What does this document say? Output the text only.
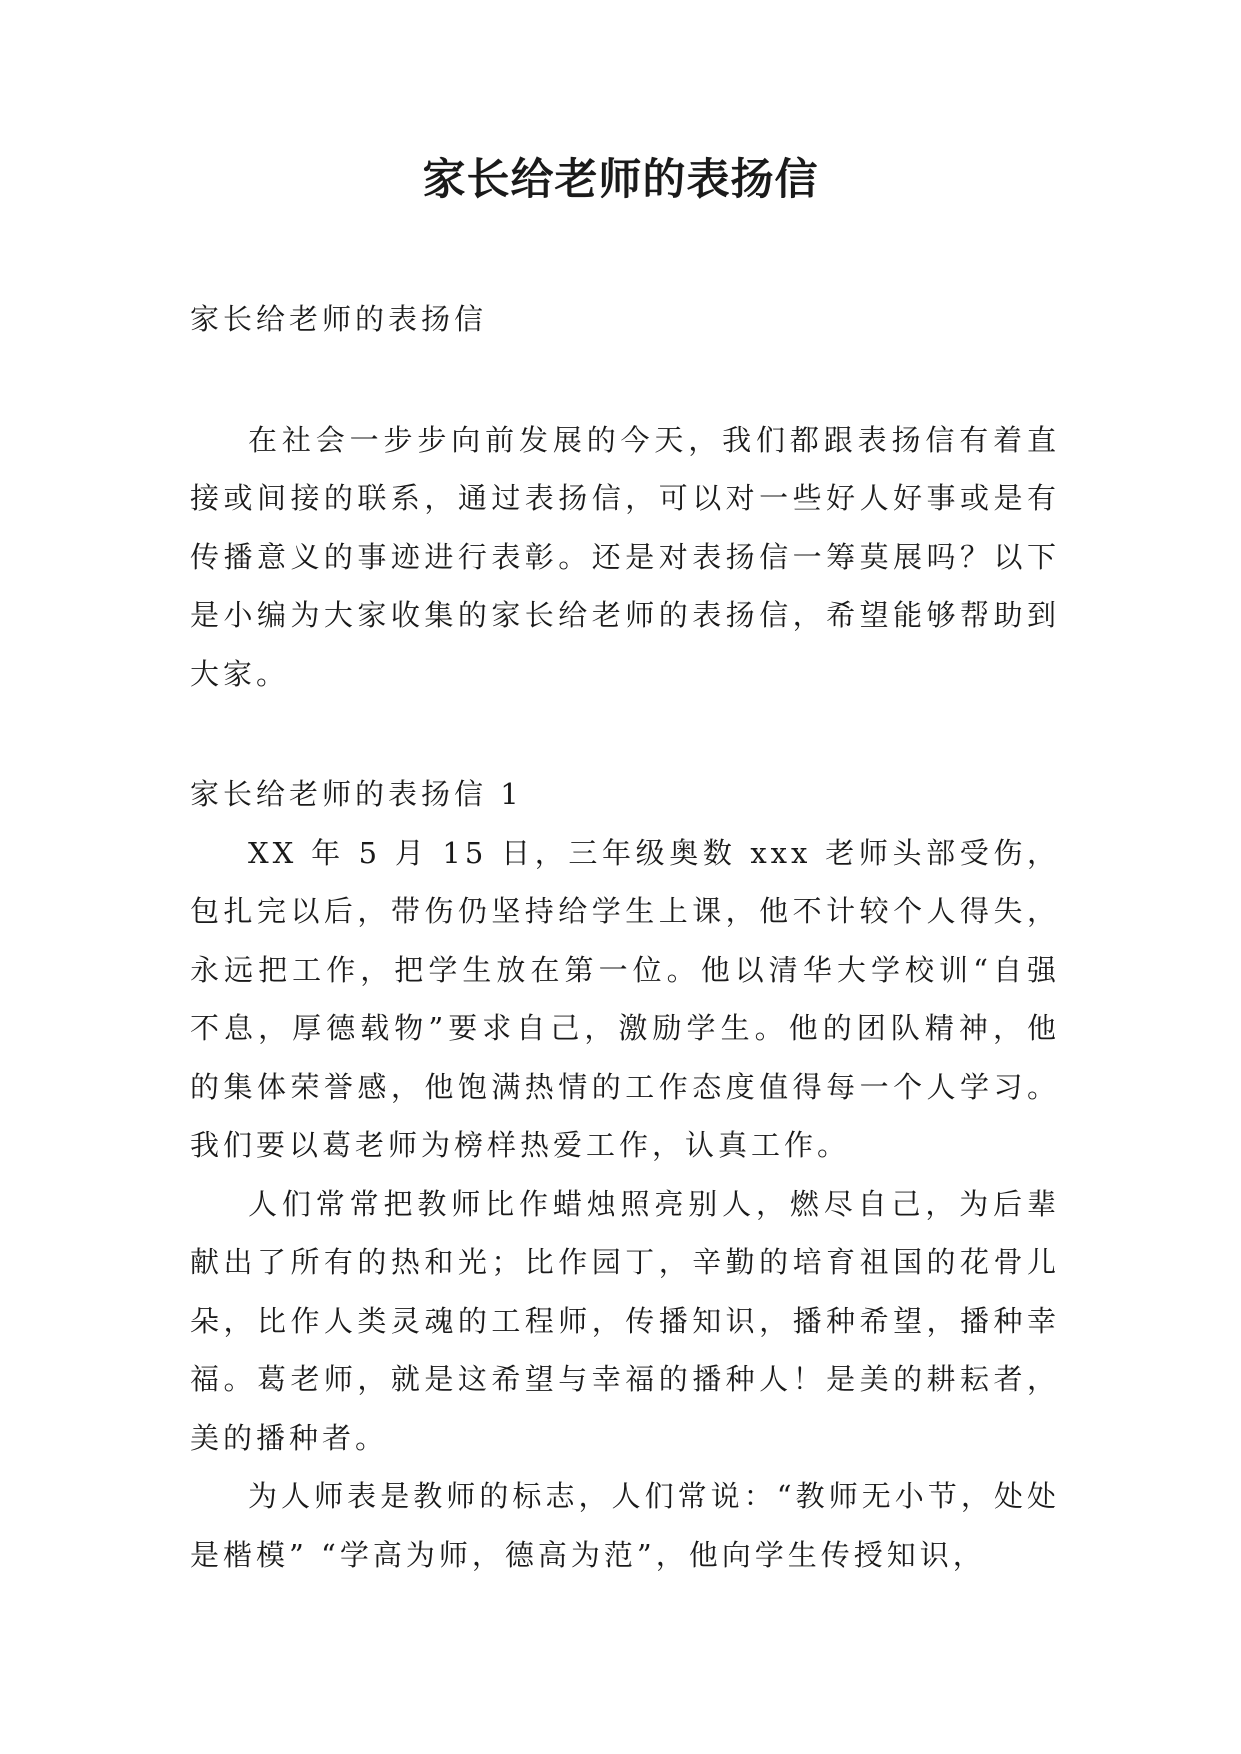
家长给老师的表扬信

家长给老师的表扬信

在社会一步步向前发展的今天，我们都跟表扬信有着直接或间接的联系，通过表扬信，可以对一些好人好事或是有传播意义的事迹进行表彰。还是对表扬信一筹莫展吗？以下是小编为大家收集的家长给老师的表扬信，希望能够帮助到大家。

家长给老师的表扬信 1

XX 年 5 月 15 日，三年级奥数 xxx 老师头部受伤，包扎完以后，带伤仍坚持给学生上课，他不计较个人得失，永远把工作，把学生放在第一位。他以清华大学校训“自强不息，厚德载物”要求自己，激励学生。他的团队精神，他的集体荣誉感，他饱满热情的工作态度值得每一个人学习。我们要以葛老师为榜样热爱工作，认真工作。

人们常常把教师比作蜡烛照亮别人，燃尽自己，为后辈献出了所有的热和光；比作园丁，辛勤的培育祖国的花骨儿朵，比作人类灵魂的工程师，传播知识，播种希望，播种幸福。葛老师，就是这希望与幸福的播种人！是美的耕耘者，美的播种者。

为人师表是教师的标志，人们常说：“教师无小节，处处是楷模” “学高为师，德高为范”，他向学生传授知识，
